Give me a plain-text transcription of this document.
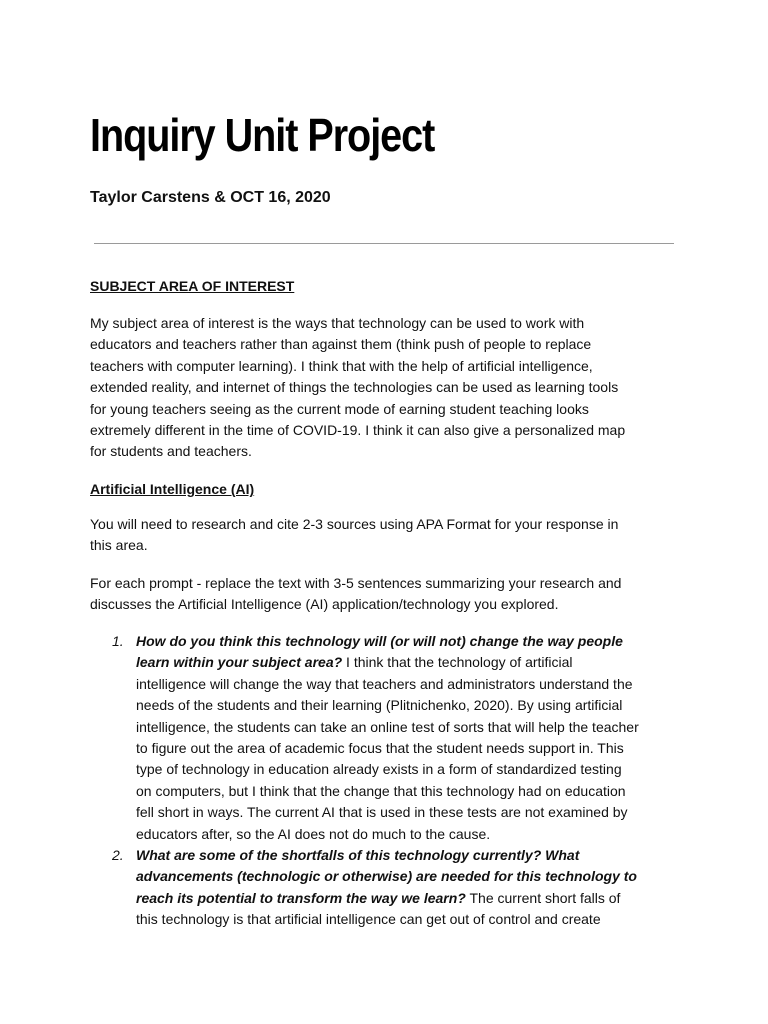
Inquiry Unit Project

Taylor Carstens & OCT 16, 2020

SUBJECT AREA OF INTEREST

My subject area of interest is the ways that technology can be used to work with
educators and teachers rather than against them (think push of people to replace
teachers with computer learning). I think that with the help of artificial intelligence,
extended reality, and internet of things the technologies can be used as learning tools
for young teachers seeing as the current mode of earning student teaching looks
extremely different in the time of COVID-19. I think it can also give a personalized map
for students and teachers.

Artificial Intelligence (AI)

You will need to research and cite 2-3 sources using APA Format for your response in
this area.

For each prompt - replace the text with 3-5 sentences summarizing your research and
discusses the Artificial Intelligence (AI) application/technology you explored.

1. How do you think this technology will (or will not) change the way people
learn within your subject area? I think that the technology of artificial
intelligence will change the way that teachers and administrators understand the
needs of the students and their learning (Plitnichenko, 2020). By using artificial
intelligence, the students can take an online test of sorts that will help the teacher
to figure out the area of academic focus that the student needs support in. This
type of technology in education already exists in a form of standardized testing
on computers, but I think that the change that this technology had on education
fell short in ways. The current AI that is used in these tests are not examined by
educators after, so the AI does not do much to the cause.
2. What are some of the shortfalls of this technology currently? What
advancements (technologic or otherwise) are needed for this technology to
reach its potential to transform the way we learn? The current short falls of
this technology is that artificial intelligence can get out of control and create
